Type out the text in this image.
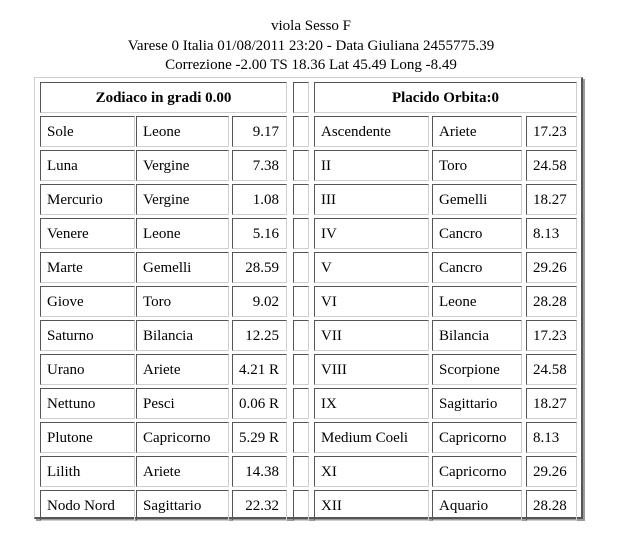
viola Sesso F
Varese 0 Italia 01/08/2011 23:20 - Data Giuliana 2455775.39
Correzione -2.00 TS 18.36 Lat 45.49 Long -8.49
Zodiaco in gradi 0.00	Placido Orbita:0
Sole	Leone	9.17	Ascendente	Ariete	17.23
Luna	Vergine	7.38	II	Toro	24.58
Mercurio	Vergine	1.08	III	Gemelli	18.27
Venere	Leone	5.16	IV	Cancro	8.13
Marte	Gemelli	28.59	V	Cancro	29.26
Giove	Toro	9.02	VI	Leone	28.28
Saturno	Bilancia	12.25	VII	Bilancia	17.23
Urano	Ariete	4.21 R	VIII	Scorpione	24.58
Nettuno	Pesci	0.06 R	IX	Sagittario	18.27
Plutone	Capricorno	5.29 R	Medium Coeli	Capricorno	8.13
Lilith	Ariete	14.38	XI	Capricorno	29.26
Nodo Nord	Sagittario	22.32	XII	Aquario	28.28
